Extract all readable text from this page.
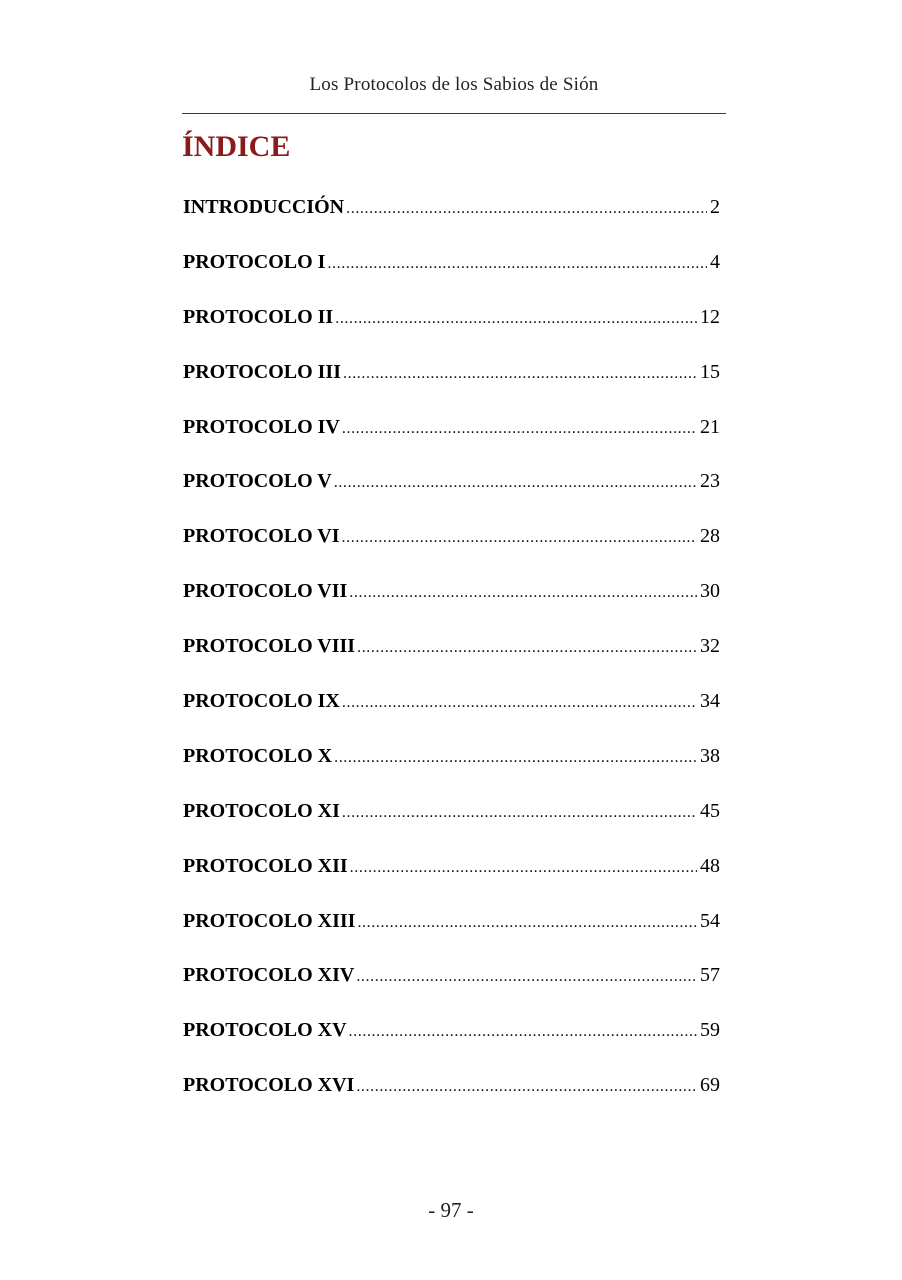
Los Protocolos de los Sabios de Sión
ÍNDICE
INTRODUCCIÓN .....	2
PROTOCOLO I .....	4
PROTOCOLO II .....	12
PROTOCOLO III .....	15
PROTOCOLO IV .....	21
PROTOCOLO V .....	23
PROTOCOLO VI .....	28
PROTOCOLO VII .....	30
PROTOCOLO VIII .....	32
PROTOCOLO IX .....	34
PROTOCOLO X .....	38
PROTOCOLO XI .....	45
PROTOCOLO XII .....	48
PROTOCOLO XIII .....	54
PROTOCOLO XIV .....	57
PROTOCOLO XV .....	59
PROTOCOLO XVI .....	69
- 97 -
